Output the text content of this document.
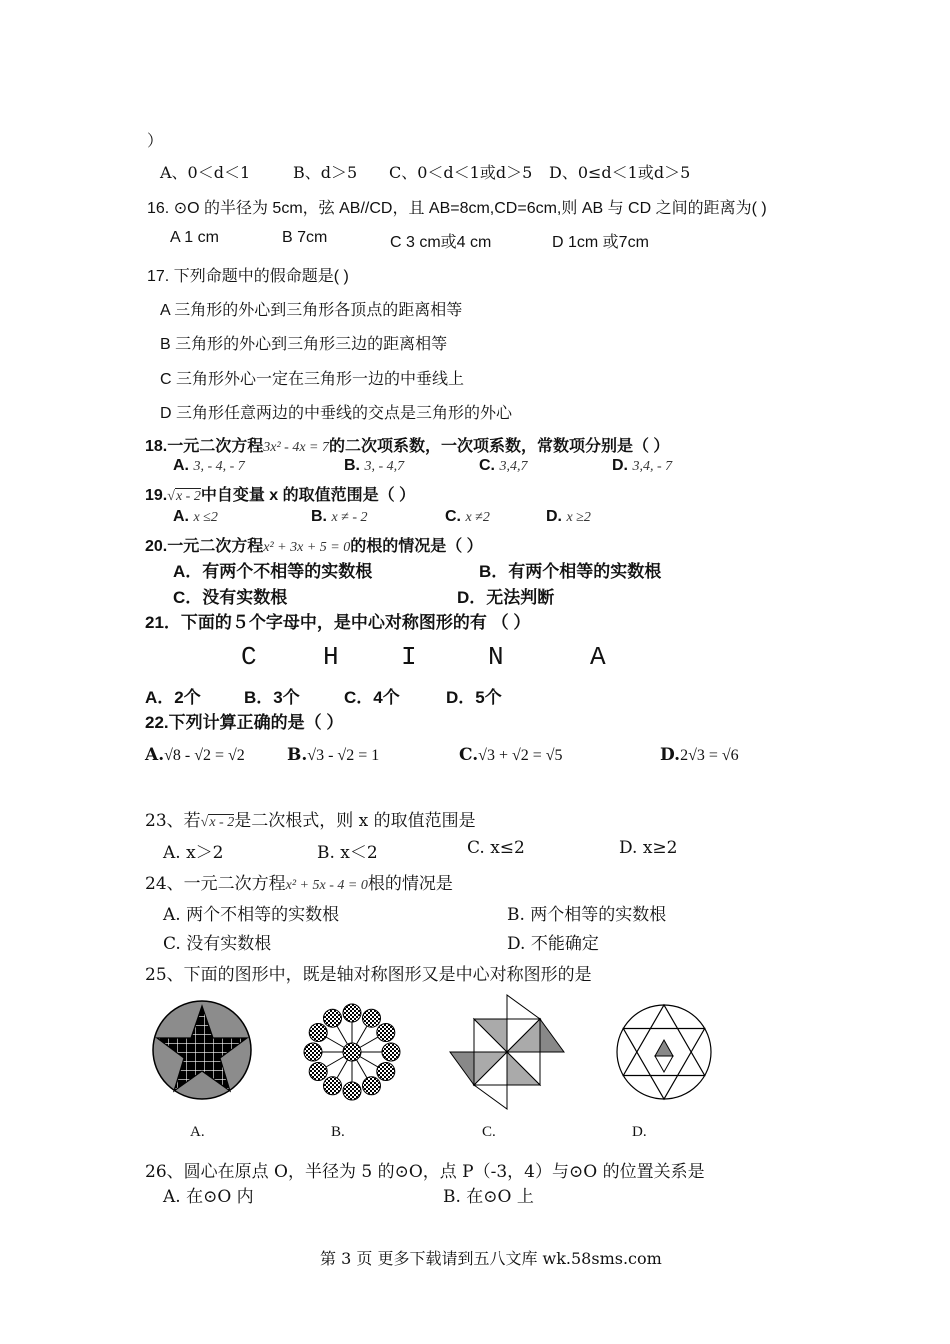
）
A、0＜d＜1	B、d＞5 C、0＜d＜1或d＞5 D、0≤d＜1或d＞5
16. ⊙O 的半径为 5cm，弦 AB//CD，且 AB=8cm,CD=6cm,则 AB 与 CD 之间的距离为( )
A 1 cm	B 7cm	C 3 cm或4 cm	D 1cm 或7cm
17. 下列命题中的假命题是( )
A 三角形的外心到三角形各顶点的距离相等
B 三角形的外心到三角形三边的距离相等
C 三角形外心一定在三角形一边的中垂线上
D 三角形任意两边的中垂线的交点是三角形的外心
18.一元二次方程3x² - 4x = 7的二次项系数，一次项系数，常数项分别是（ ）
A. 3, - 4, - 7	B. 3, - 4,7	C. 3,4,7	D. 3,4, - 7
19.√x - 2中自变量 x 的取值范围是（ ）
A. x ≤2	B. x ≠ - 2	C. x ≠2	D. x ≥2
20.一元二次方程x² + 3x + 5 = 0的根的情况是（ ）
A．有两个不相等的实数根	B．有两个相等的实数根
C．没有实数根	D．无法判断
21．下面的５个字母中，是中心对称图形的有 （ ）
C	H I	N	A
A．2个	B．3个	C．4个	D．5个
22.下列计算正确的是（ ）
A.√8 - √2 = √2 B.√3 - √2 = 1	C.√3 + √2 = √5	D.2√3 = √6
23、若√x - 2是二次根式，则 x 的取值范围是
A. x＞2	B. x＜2	C. x≤2	D. x≥2
24、一元二次方程x² + 5x - 4 = 0根的情况是
A. 两个不相等的实数根	B. 两个相等的实数根
C. 没有实数根	D. 不能确定
25、下面的图形中，既是轴对称图形又是中心对称图形的是
A.	B.	C.	D.
26、圆心在原点 O，半径为 5 的⊙O，点 P（-3，4）与⊙O 的位置关系是
A. 在⊙O 内	B. 在⊙O 上
第 3 页 更多下载请到五八文库 wk.58sms.com
